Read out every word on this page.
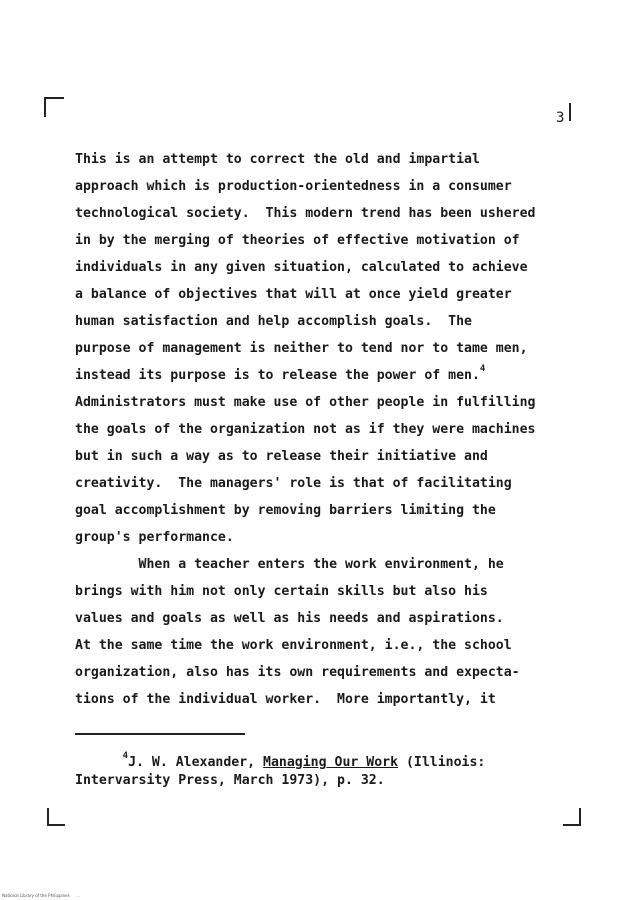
3
This is an attempt to correct the old and impartial
approach which is production-orientedness in a consumer
technological society.  This modern trend has been ushered
in by the merging of theories of effective motivation of
individuals in any given situation, calculated to achieve
a balance of objectives that will at once yield greater
human satisfaction and help accomplish goals.  The
purpose of management is neither to tend nor to tame men,
instead its purpose is to release the power of men.$^4$
Administrators must make use of other people in fulfilling
the goals of the organization not as if they were machines
but in such a way as to release their initiative and
creativity.  The managers' role is that of facilitating
goal accomplishment by removing barriers limiting the
group's performance.
When a teacher enters the work environment, he
brings with him not only certain skills but also his
values and goals as well as his needs and aspirations.
At the same time the work environment, i.e., the school
organization, also has its own requirements and expecta-
tions of the individual worker.  More importantly, it
$^4$J. W. Alexander, Managing Our Work (Illinois:
Intervarsity Press, March 1973), p. 32.
National Library of the Philippines     ...
